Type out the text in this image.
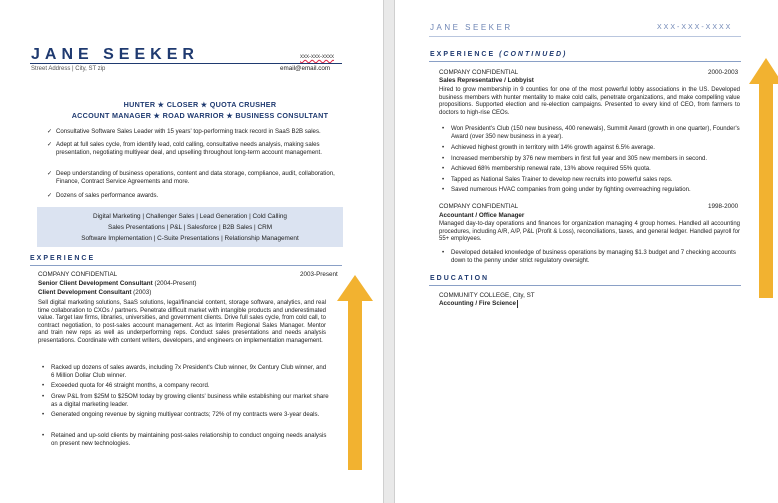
JANE SEEKER	xxx-xxx-xxxx
Street Address | City, ST zip	email@email.com
HUNTER ★ CLOSER ★ QUOTA CRUSHER
ACCOUNT MANAGER ★ ROAD WARRIOR ★ BUSINESS CONSULTANT
✓ Consultative Software Sales Leader with 15 years' top-performing track record in SaaS B2B sales.
✓ Adept at full sales cycle, from identify lead, cold calling, consultative needs analysis, making sales presentation, negotiating multiyear deal, and upselling throughout long-term account management.
✓ Deep understanding of business operations, content and data storage, compliance, audit, collaboration, Finance, Contract Service Agreements and more.
✓ Dozens of sales performance awards.
Digital Marketing | Challenger Sales | Lead Generation | Cold Calling
Sales Presentations | P&L | Salesforce | B2B Sales | CRM
Software Implementation | C-Suite Presentations | Relationship Management
EXPERIENCE
COMPANY CONFIDENTIAL	2003-Present
Senior Client Development Consultant (2004-Present)
Client Development Consultant (2003)
Sell digital marketing solutions, SaaS solutions, legal/financial content, storage software, analytics, and real time collaboration to CXOs / partners. Penetrate difficult market with intangible products and underestimated value. Target law firms, libraries, universities, and government clients. Drive full sales cycle, from cold call, to contract negotiation, to post-sales account management. Act as Interim Regional Sales Manager. Mentor and train new reps as well as underperforming reps. Conduct sales presentations and needs analysis presentations. Coordinate with content writers, developers, and engineers on implementation management.
• Racked up dozens of sales awards, including 7x President's Club winner, 9x Century Club winner, and 6 Million Dollar Club winner.
• Exceeded quota for 46 straight months, a company record.
• Grew P&L from $25M to $25OM today by growing clients' business while establishing our market share as a digital marketing leader.
• Generated ongoing revenue by signing multiyear contracts; 72% of my contracts were 3-year deals.
• Retained and up-sold clients by maintaining post-sales relationship to conduct ongoing needs analysis on present new technologies.
JANE SEEKER	XXX-XXX-XXXX
EXPERIENCE (CONTINUED)
COMPANY CONFIDENTIAL	2000-2003
Sales Representative / Lobbyist
Hired to grow membership in 9 counties for one of the most powerful lobby associations in the US. Developed business members with hunter mentality to make cold calls, penetrate organizations, and make compelling value propositions. Supported election and re-election campaigns. Presented to every kind of CEO, from farmers to doctors to high-rise CEOs.
• Won President's Club (150 new business, 400 renewals), Summit Award (growth in one quarter), Founder's Award (over 350 new business in a year).
• Achieved highest growth in territory with 14% growth against 6.5% average.
• Increased membership by 376 new members in first full year and 305 new members in second.
• Achieved 68% membership renewal rate, 13% above required 55% quota.
• Tapped as National Sales Trainer to develop new recruits into powerful sales reps.
• Saved numerous HVAC companies from going under by fighting overreaching regulation.
COMPANY CONFIDENTIAL	1998-2000
Accountant / Office Manager
Managed day-to-day operations and finances for organization managing 4 group homes. Handled all accounting procedures, including A/R, A/P, P&L (Profit & Loss), reconciliations, taxes, and general ledger. Handled payroll for 55+ employees.
• Developed detailed knowledge of business operations by managing $1.3 budget and 7 checking accounts down to the penny under strict regulatory oversight.
EDUCATION
COMMUNITY COLLEGE, City, ST
Accounting / Fire Science
